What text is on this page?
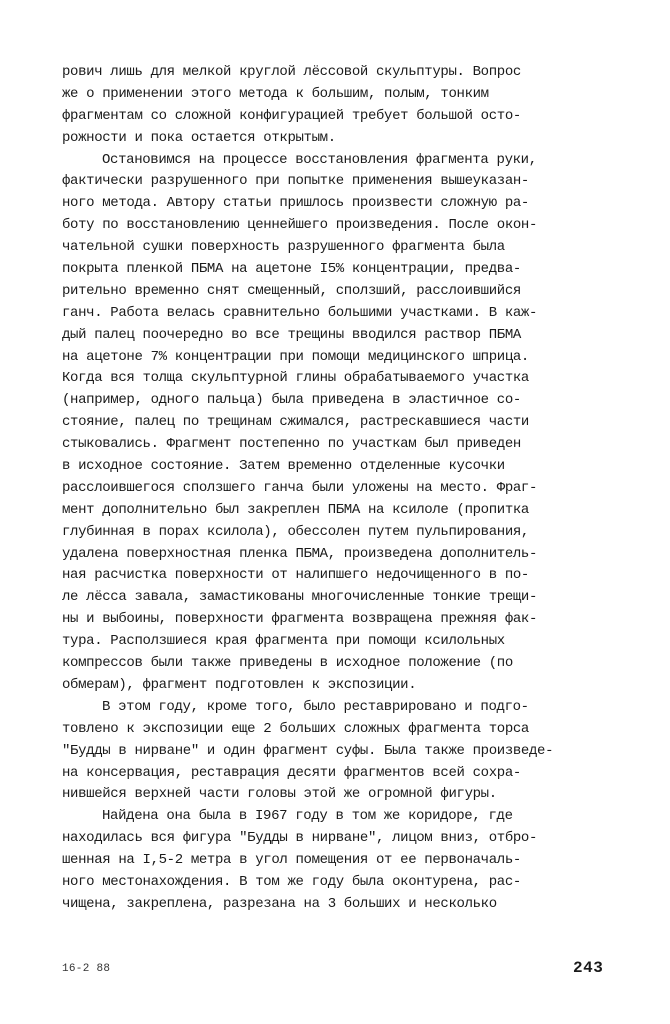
рович лишь для мелкой круглой лёссовой скульптуры. Вопрос
же о применении этого метода к большим, полым, тонким
фрагментам со сложной конфигурацией требует большой осто-
рожности и пока остается открытым.
Остановимся на процессе восстановления фрагмента руки,
фактически разрушенного при попытке применения вышеуказан-
ного метода. Автору статьи пришлось произвести сложную ра-
боту по восстановлению ценнейшего произведения. После окон-
чательной сушки поверхность разрушенного фрагмента была
покрыта пленкой ПБМА на ацетоне I5% концентрации, предва-
рительно временно снят смещенный, сползший, расслоившийся
ганч. Работа велась сравнительно большими участками. В каж-
дый палец поочередно во все трещины вводился раствор ПБМА
на ацетоне 7% концентрации при помощи медицинского шприца.
Когда вся толща скульптурной глины обрабатываемого участка
(например, одного пальца) была приведена в эластичное со-
стояние, палец по трещинам сжимался, растрескавшиеся части
стыковались. Фрагмент постепенно по участкам был приведен
в исходное состояние. Затем временно отделенные кусочки
расслоившегося сползшего ганча были уложены на место. Фраг-
мент дополнительно был закреплен ПБМА на ксилоле (пропитка
глубинная в порах ксилола), обессолен путем пульпирования,
удалена поверхностная пленка ПБМА, произведена дополнитель-
ная расчистка поверхности от налипшего недочищенного в по-
ле лёсса завала, замастикованы многочисленные тонкие трещи-
ны и выбоины, поверхности фрагмента возвращена прежняя фак-
тура. Расползшиеся края фрагмента при помощи ксилольных
компрессов были также приведены в исходное положение (по
обмерам), фрагмент подготовлен к экспозиции.
В этом году, кроме того, было реставрировано и подго-
товлено к экспозиции еще 2 больших сложных фрагмента торса
"Будды в нирване" и один фрагмент суфы. Была также произведе-
на консервация, реставрация десяти фрагментов всей сохра-
нившейся верхней части головы этой же огромной фигуры.
Найдена она была в I967 году в том же коридоре, где
находилась вся фигура "Будды в нирване", лицом вниз, отбро-
шенная на I,5-2 метра в угол помещения от ее первоначаль-
ного местонахождения. В том же году была оконтурена, рас-
чищена, закреплена, разрезана на 3 больших и несколько
16-2 88	243
